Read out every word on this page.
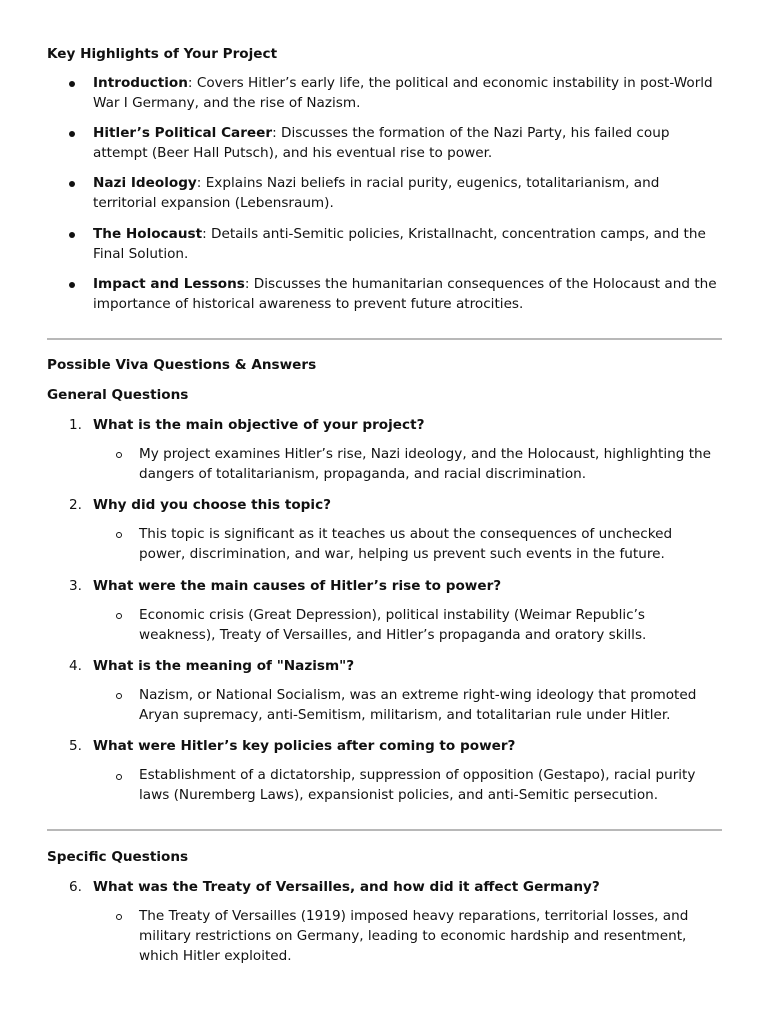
Key Highlights of Your Project
Introduction: Covers Hitler’s early life, the political and economic instability in post-World War I Germany, and the rise of Nazism.
Hitler’s Political Career: Discusses the formation of the Nazi Party, his failed coup attempt (Beer Hall Putsch), and his eventual rise to power.
Nazi Ideology: Explains Nazi beliefs in racial purity, eugenics, totalitarianism, and territorial expansion (Lebensraum).
The Holocaust: Details anti-Semitic policies, Kristallnacht, concentration camps, and the Final Solution.
Impact and Lessons: Discusses the humanitarian consequences of the Holocaust and the importance of historical awareness to prevent future atrocities.
Possible Viva Questions & Answers
General Questions
1. What is the main objective of your project?
My project examines Hitler’s rise, Nazi ideology, and the Holocaust, highlighting the dangers of totalitarianism, propaganda, and racial discrimination.
2. Why did you choose this topic?
This topic is significant as it teaches us about the consequences of unchecked power, discrimination, and war, helping us prevent such events in the future.
3. What were the main causes of Hitler’s rise to power?
Economic crisis (Great Depression), political instability (Weimar Republic’s weakness), Treaty of Versailles, and Hitler’s propaganda and oratory skills.
4. What is the meaning of "Nazism"?
Nazism, or National Socialism, was an extreme right-wing ideology that promoted Aryan supremacy, anti-Semitism, militarism, and totalitarian rule under Hitler.
5. What were Hitler’s key policies after coming to power?
Establishment of a dictatorship, suppression of opposition (Gestapo), racial purity laws (Nuremberg Laws), expansionist policies, and anti-Semitic persecution.
Specific Questions
6. What was the Treaty of Versailles, and how did it affect Germany?
The Treaty of Versailles (1919) imposed heavy reparations, territorial losses, and military restrictions on Germany, leading to economic hardship and resentment, which Hitler exploited.
